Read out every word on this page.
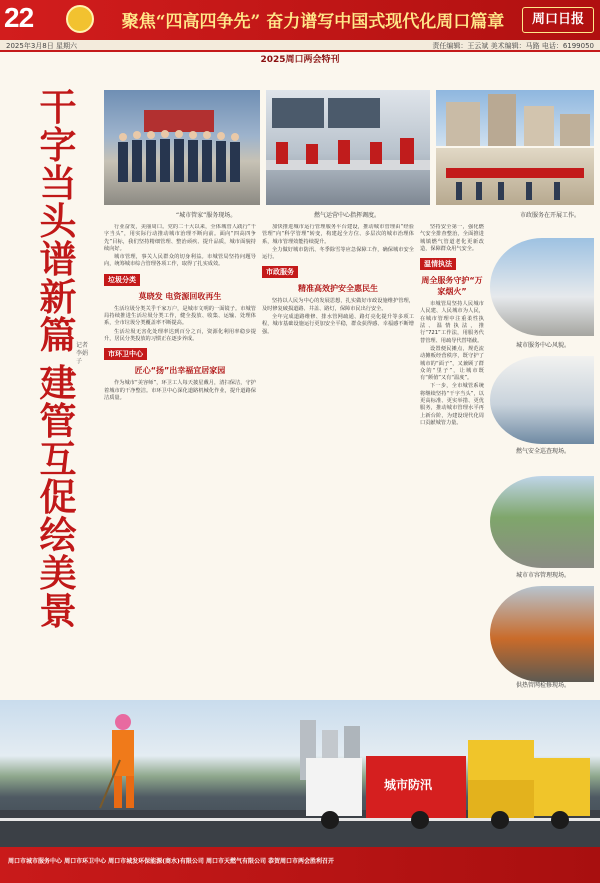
22	聚焦“四高四争先” 奋力谱写中国式现代化周口篇章	周口日报
2025年3月8日 星期六	责任编辑：王云斌 美术编辑：马路 电话：6199050
2025周口两会特刊
“城市管家”服务现场。	燃气运营中心指挥调度。	市政服务在开展工作。
干字当头谱新篇 记者 李娟子
建管互促绘美景

行业奋发，美丽周口。党的二十大以来，全体城管人践行“干字当头”，用实际行动推动城市治理不断向前。面向“四高四争先”目标，我们坚持精细管理、整治顽疾、提升品质，城市面貌持续向好。

城市管理，事关人民群众的切身利益。市城管局坚持问题导向，统筹城市综合管理各项工作，取得了扎实成效。

垃圾分类
莫晓发 电资源回收再生

生活垃圾分类关乎千家万户，是城市文明的一面镜子。市城管局持续推进生活垃圾分类工作，健全投放、收集、运输、处理体系，全市垃圾分类覆盖率不断提高。

生活垃圾无害化处理率达到百分之百，资源化利用率稳步提升，居民分类投放的习惯正在逐步养成。

市环卫中心
匠心“扬”出幸福宜居家园

作为城市“美容师”，环卫工人每天披星戴月，清扫保洁，守护着城市的干净整洁。市环卫中心深化道路机械化作业，提升道路保洁质量。

加快推进城市运行管理服务平台建设，推动城市管理由“经验管理”向“科学管理”转变，构建起全方位、多层次的城市治理体系，城市管理效能持续提升。

全力做好城市防汛、冬季除雪等应急保障工作，确保城市安全运行。

市政服务
精准高效护安全惠民生

坚持以人民为中心的发展思想，扎实做好市政设施维护管理，及时修复破损道路、井盖、路灯，保障市民出行安全。

全年完成道路维修、排水管网疏通、路灯亮化提升等多项工程，城市基础设施运行更加安全平稳，群众获得感、幸福感不断增强。

坚持安全第一，强化燃气安全排查整治，全面推进城镇燃气管道老化更新改造，保障群众用气安全。

温情执法
周全服务守护“万家烟火”

市城管局坚持人民城市人民建、人民城市为人民，在城市管理中注重柔性执法、温情执法，推行“721”工作法，用服务代替管理、用疏导代替堵截。

设置便民摊点，规范流动摊贩经营秩序，既守护了城市的“面子”，又兼顾了群众的“里子”，让城市既有“颜值”又有“温度”。

下一步，全市城管系统将继续坚持“干字当头”，以更高标准、更实举措、更优服务，推动城市管理水平再上新台阶，为建设现代化周口贡献城管力量。

城市服务中心风貌。
燃气安全巡查现场。
城市市容管理现场。
供热管网检修现场。
城市防汛
周口市城市服务中心 周口市环卫中心 周口市城发环保能源(商水)有限公司 周口市天燃气有限公司 恭贺周口市两会胜利召开
